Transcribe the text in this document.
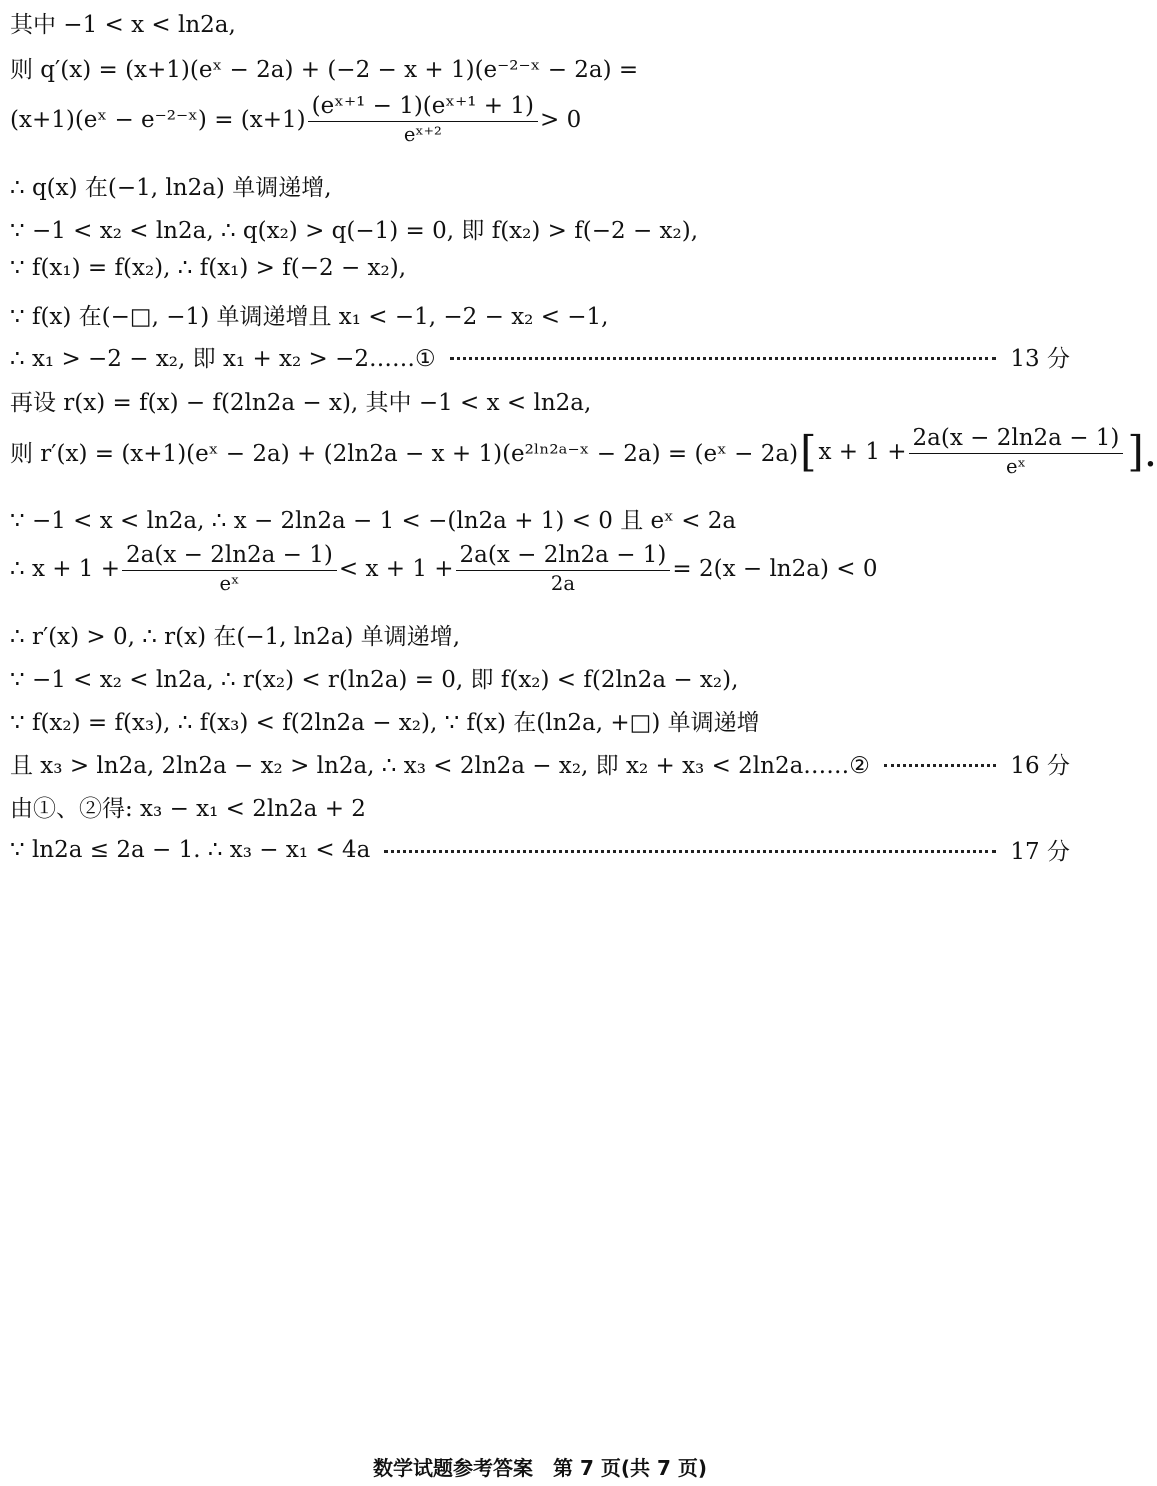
其中 −1 < x < ln2a,
则 q′(x) = (x+1)(eˣ − 2a) + (−2 − x + 1)(e⁻²⁻ˣ − 2a) =
(x+1)(eˣ − e⁻²⁻ˣ) = $(x+1) \frac{\text{(eˣ⁺¹ − 1)(eˣ⁺¹ + 1)}}{\text{eˣ⁺²}} > 0$
∴ q(x) 在(−1, ln2a) 单调递增,
∵ −1 < x₂ < ln2a, ∴ q(x₂) > q(−1) = 0, 即 f(x₂) > f(−2 − x₂),
∵ f(x₁) = f(x₂), ∴ f(x₁) > f(−2 − x₂),
∵ f(x) 在(−□, −1) 单调递增且 x₁ < −1, −2 − x₂ < −1,
∴ x₁ > −2 − x₂, 即 x₁ + x₂ > −2……①	13 分
再设 r(x) = f(x) − f(2ln2a − x), 其中 −1 < x < ln2a,
则 r′(x) = (x+1)(eˣ − 2a) + (2ln2a − x + 1)(e²ˡⁿ²ᵃ⁻ˣ − 2a) = (eˣ − 2a) [ $x + 1 + \frac{2a(x - 2\ln 2a - 1)}{\text{eˣ}}$ ].
∵ −1 < x < ln2a, ∴ x − 2ln2a − 1 < −(ln2a + 1) < 0 且 eˣ < 2a
∴ $x + 1 + \frac{2a(x - 2\ln 2a - 1)}{\text{eˣ}} < x + 1 + \frac{2a(x - 2\ln 2a - 1)}{2a} = 2(x - \ln 2a) < 0$
∴ r′(x) > 0, ∴ r(x) 在(−1, ln2a) 单调递增,
∵ −1 < x₂ < ln2a, ∴ r(x₂) < r(ln2a) = 0, 即 f(x₂) < f(2ln2a − x₂),
∵ f(x₂) = f(x₃), ∴ f(x₃) < f(2ln2a − x₂), ∵ f(x) 在(ln2a, +□) 单调递增
且 x₃ > ln2a, 2ln2a − x₂ > ln2a, ∴ x₃ < 2ln2a − x₂, 即 x₂ + x₃ < 2ln2a……②	16 分
由①、②得: x₃ − x₁ < 2ln2a + 2
∵ ln2a ≤ 2a − 1. ∴ x₃ − x₁ < 4a	17 分
数学试题参考答案　第 7 页(共 7 页)
